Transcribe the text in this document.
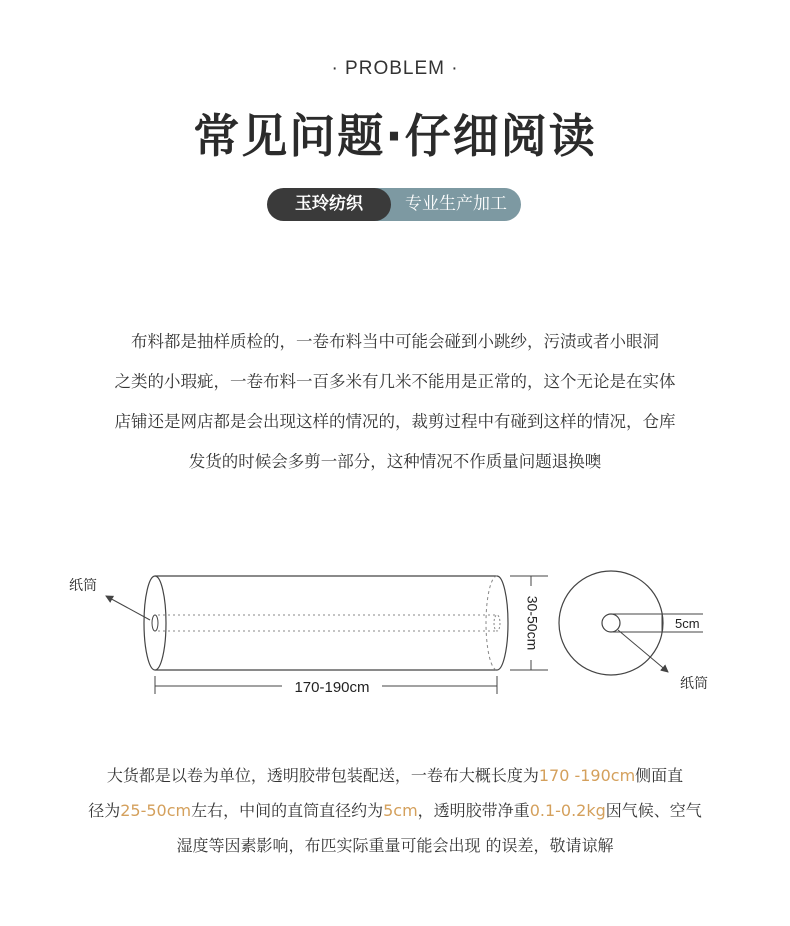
· PROBLEM ·
常见问题·仔细阅读
专业生产加工
玉玲纺织
布料都是抽样质检的，一卷布料当中可能会碰到小跳纱，污渍或者小眼洞
之类的小瑕疵，一卷布料一百多米有几米不能用是正常的，这个无论是在实体
店铺还是网店都是会出现这样的情况的，裁剪过程中有碰到这样的情况，仓库
发货的时候会多剪一部分，这种情况不作质量问题退换噢
纸筒
170-190cm
30-50cm	5cm
纸筒
大货都是以卷为单位，透明胶带包装配送，一卷布大概长度为170 -190cm侧面直
径为25-50cm左右，中间的直筒直径约为5cm，透明胶带净重0.1-0.2kg因气候、空气
湿度等因素影响，布匹实际重量可能会出现 的误差，敬请谅解
